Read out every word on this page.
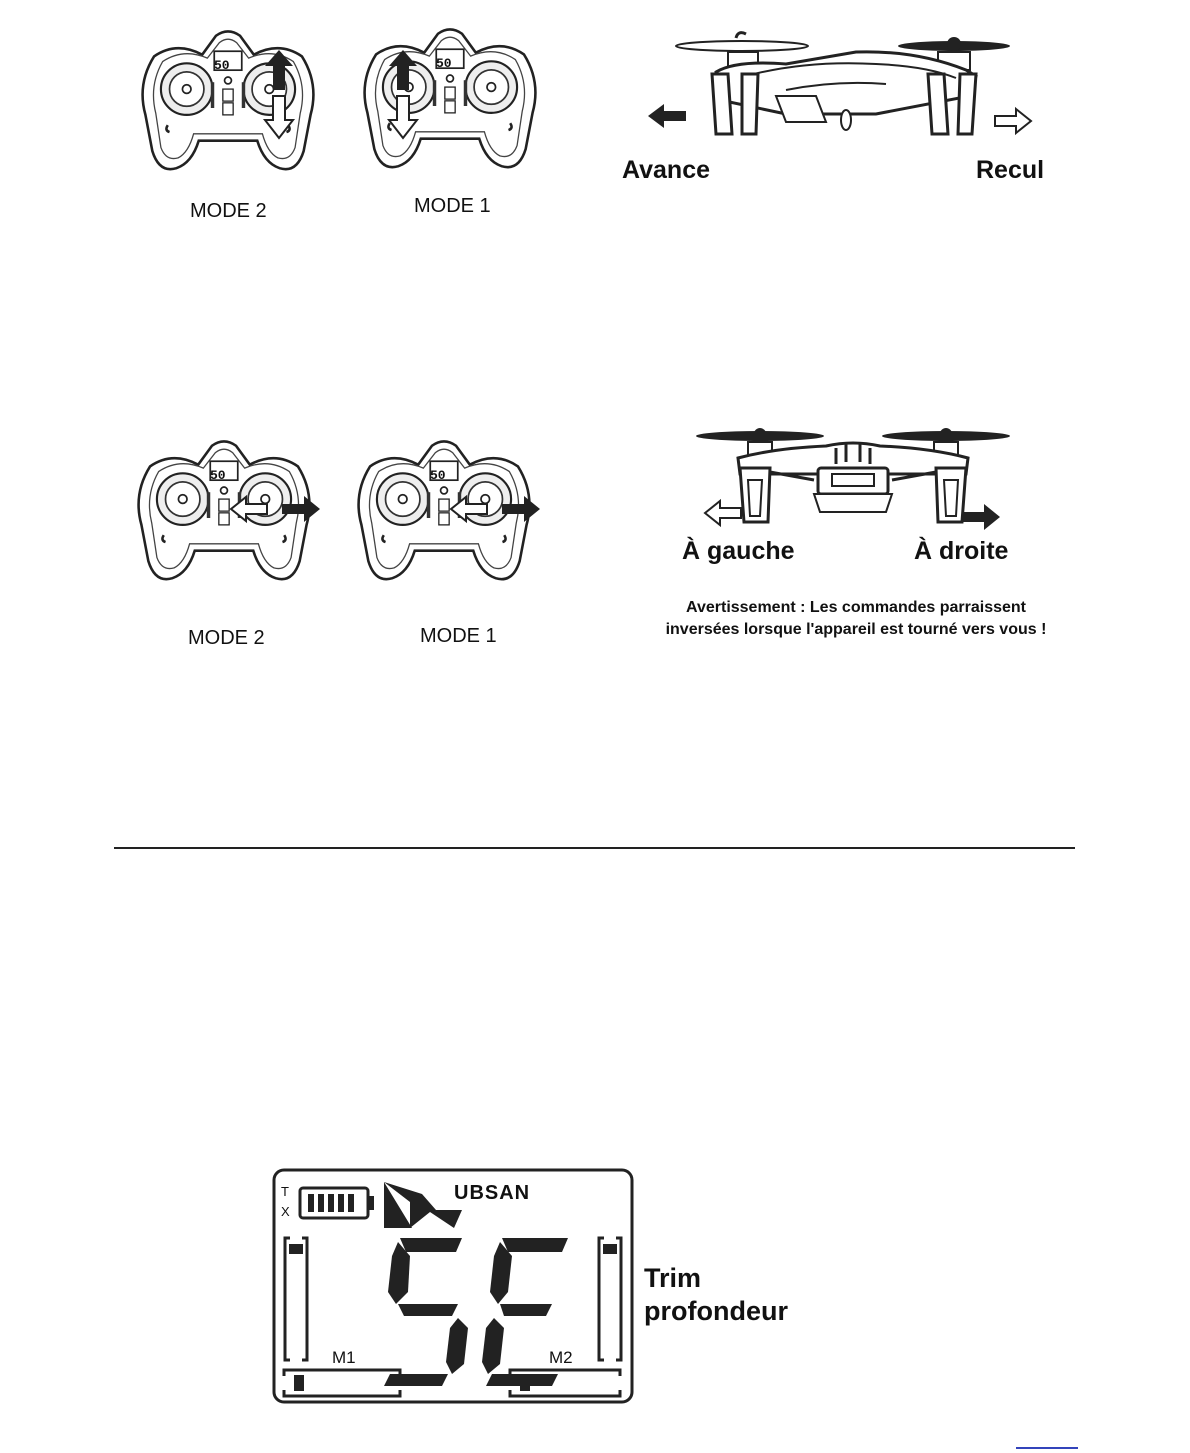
50
MODE 2
50
MODE 1
Avance	Recul
50
MODE 2
50
MODE 1
À gauche	À droite
Avertissement : Les commandes parraissent
inversées lorsque l'appareil est tourné vers vous !
T
X
UBSAN
M1	M2
Trim
profondeur
